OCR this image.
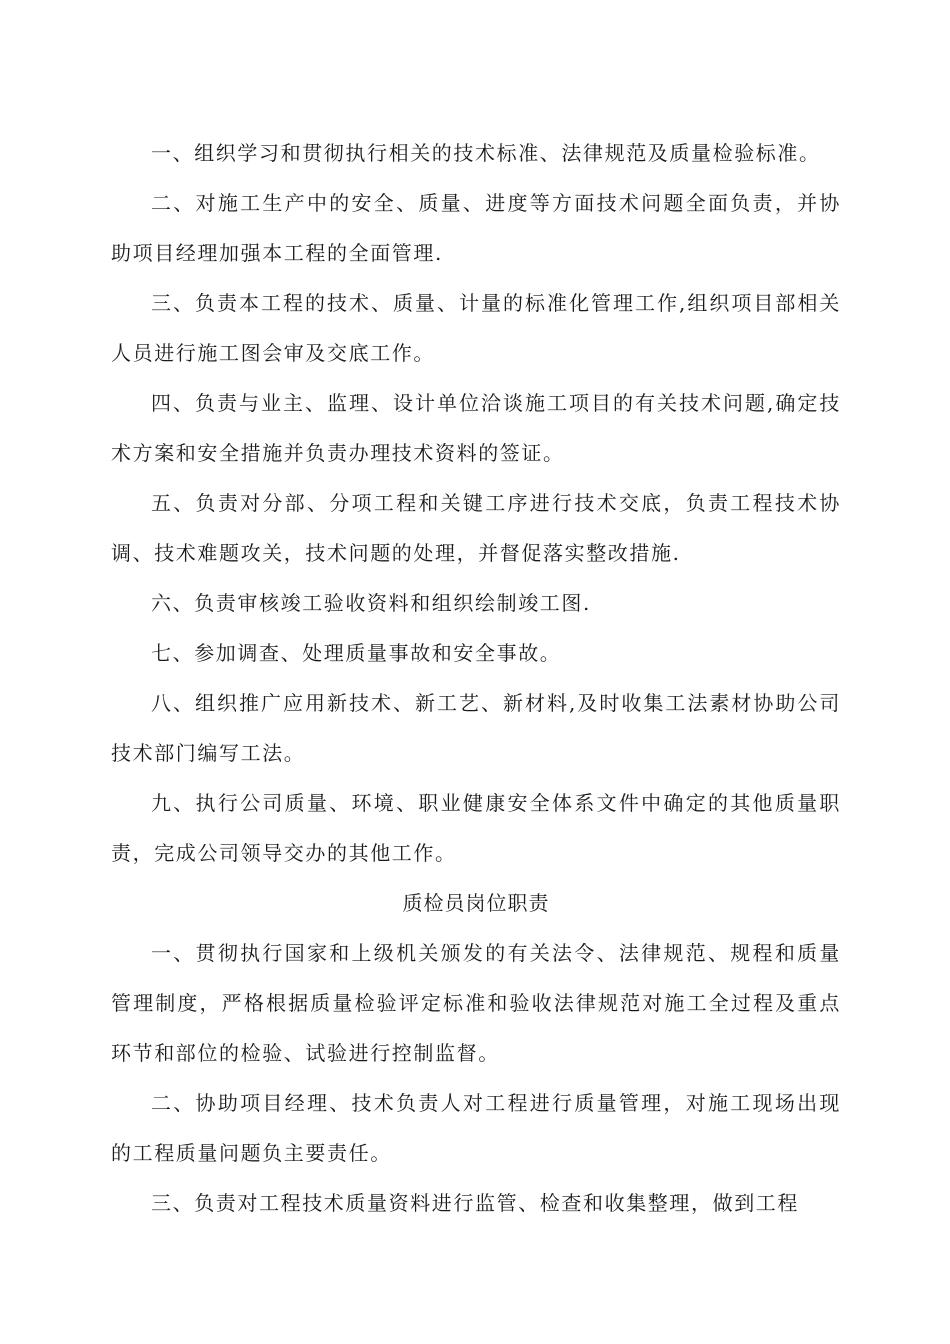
一、组织学习和贯彻执行相关的技术标准、法律规范及质量检验标准。

二、对施工生产中的安全、质量、进度等方面技术问题全面负责，并协助项目经理加强本工程的全面管理.

三、负责本工程的技术、质量、计量的标准化管理工作,组织项目部相关人员进行施工图会审及交底工作。

四、负责与业主、监理、设计单位洽谈施工项目的有关技术问题,确定技术方案和安全措施并负责办理技术资料的签证。

五、负责对分部、分项工程和关键工序进行技术交底，负责工程技术协调、技术难题攻关，技术问题的处理，并督促落实整改措施.

六、负责审核竣工验收资料和组织绘制竣工图.

七、参加调查、处理质量事故和安全事故。

八、组织推广应用新技术、新工艺、新材料,及时收集工法素材协助公司技术部门编写工法。

九、执行公司质量、环境、职业健康安全体系文件中确定的其他质量职责，完成公司领导交办的其他工作。

质检员岗位职责

一、贯彻执行国家和上级机关颁发的有关法令、法律规范、规程和质量管理制度，严格根据质量检验评定标准和验收法律规范对施工全过程及重点环节和部位的检验、试验进行控制监督。

二、协助项目经理、技术负责人对工程进行质量管理，对施工现场出现的工程质量问题负主要责任。

三、负责对工程技术质量资料进行监管、检查和收集整理，做到工程
